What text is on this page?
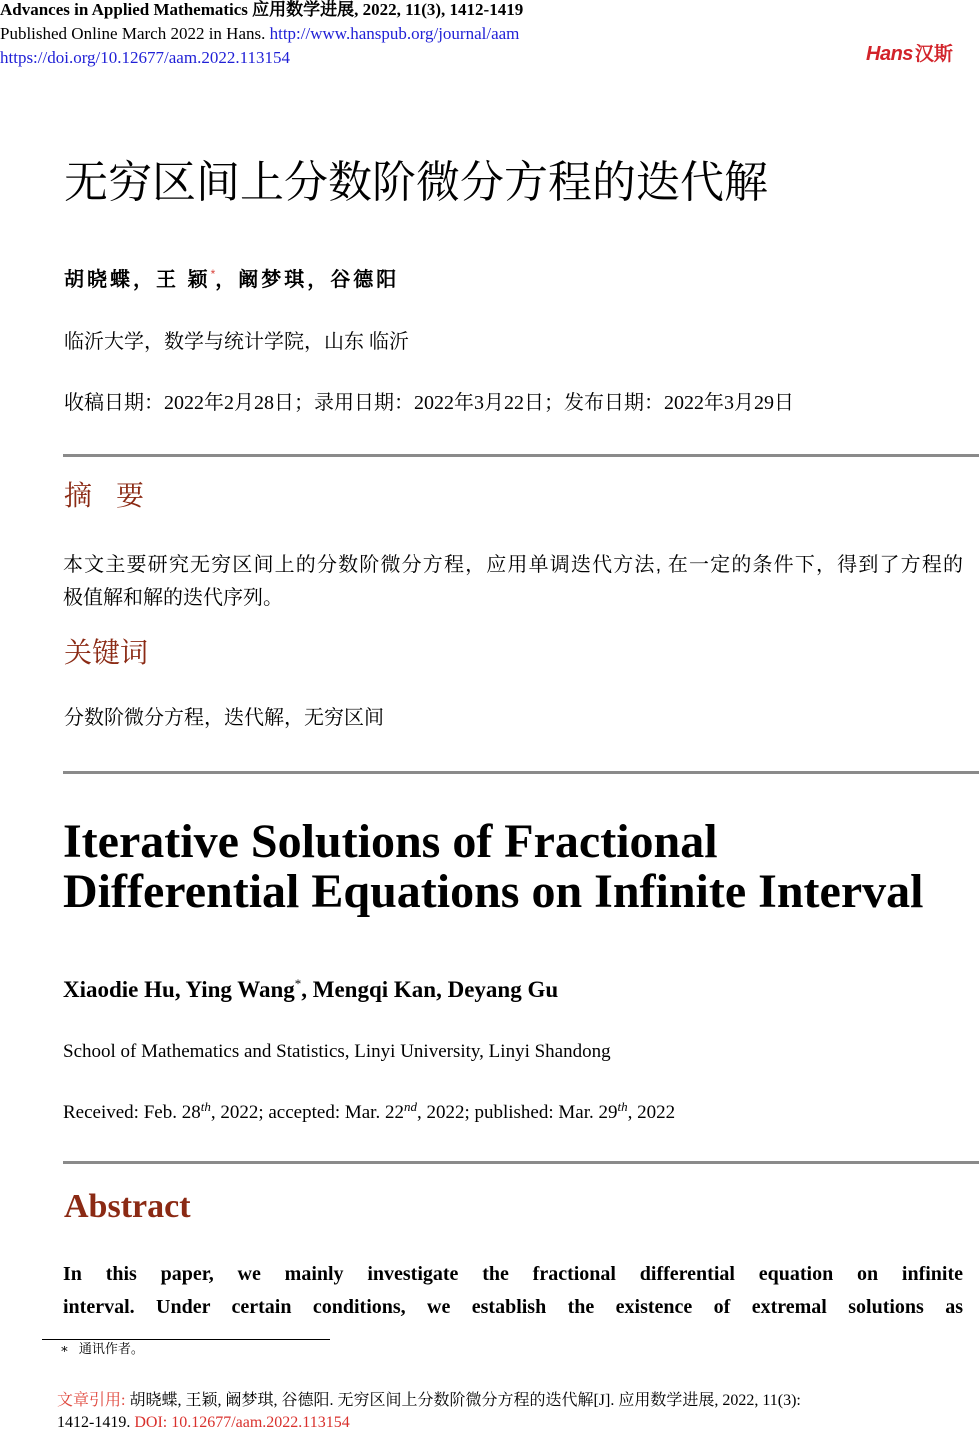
Advances in Applied Mathematics 应用数学进展, 2022, 11(3), 1412-1419
Published Online March 2022 in Hans. http://www.hanspub.org/journal/aam
https://doi.org/10.12677/aam.2022.113154	Hans 汉斯
无穷区间上分数阶微分方程的迭代解
胡晓蝶，王 颖*，阚梦琪，谷德阳
临沂大学，数学与统计学院，山东 临沂
收稿日期：2022年2月28日；录用日期：2022年3月22日；发布日期：2022年3月29日
摘 要
本文主要研究无穷区间上的分数阶微分方程，应用单调迭代方法, 在一定的条件下，得到了方程的
极值解和解的迭代序列。
关键词
分数阶微分方程，迭代解，无穷区间
Iterative Solutions of Fractional
Differential Equations on Infinite Interval
Xiaodie Hu, Ying Wang*, Mengqi Kan, Deyang Gu
School of Mathematics and Statistics, Linyi University, Linyi Shandong
Received: Feb. 28th, 2022; accepted: Mar. 22nd, 2022; published: Mar. 29th, 2022
Abstract
In this paper, we mainly investigate the fractional differential equation on infinite
interval. Under certain conditions, we establish the existence of extremal solutions as
∗ 通讯作者。
文章引用: 胡晓蝶, 王颖, 阚梦琪, 谷德阳. 无穷区间上分数阶微分方程的迭代解[J]. 应用数学进展, 2022, 11(3):
1412-1419. DOI: 10.12677/aam.2022.113154
